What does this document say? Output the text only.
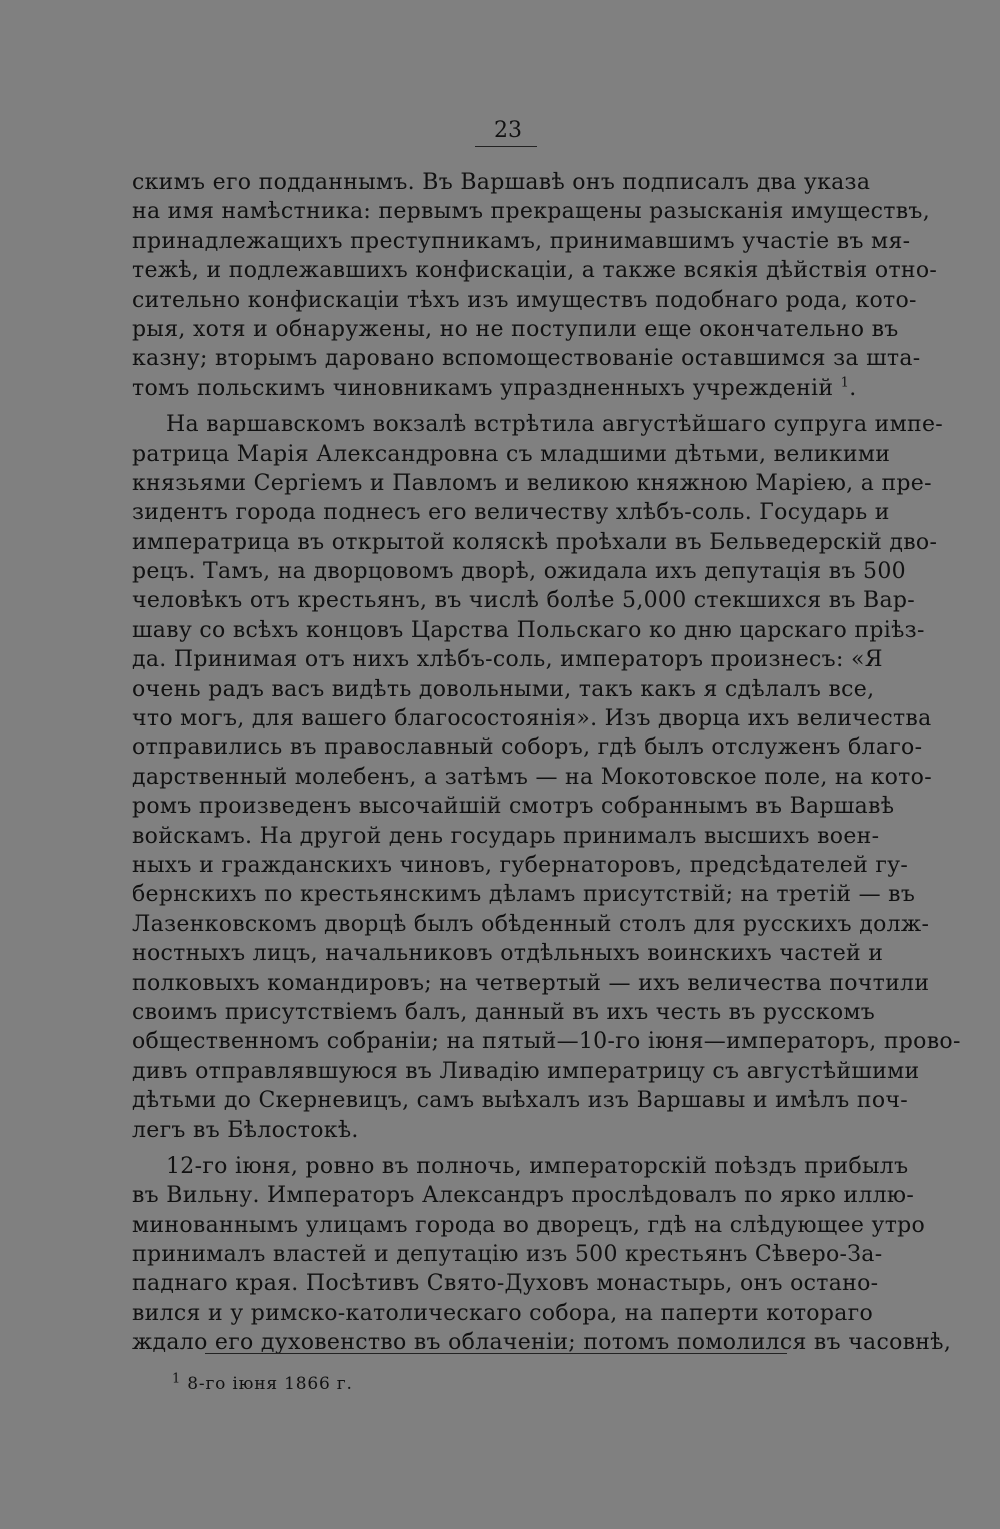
23
скимъ его подданнымъ. Въ Варшавѣ онъ подписалъ два указа
на имя намѣстника: первымъ прекращены разысканія имуществъ,
принадлежащихъ преступникамъ, принимавшимъ участіе въ мя-
тежѣ, и подлежавшихъ конфискаціи, а также всякія дѣйствія отно-
сительно конфискаціи тѣхъ изъ имуществъ подобнаго рода, кото-
рыя, хотя и обнаружены, но не поступили еще окончательно въ
казну; вторымъ даровано вспомоществованіе оставшимся за шта-
томъ польскимъ чиновникамъ упраздненныхъ учрежденій $^1$.
На варшавскомъ вокзалѣ встрѣтила августѣйшаго супруга импе-
ратрица Марія Александровна съ младшими дѣтьми, великими
князьями Сергіемъ и Павломъ и великою княжною Маріею, а пре-
зидентъ города поднесъ его величеству хлѣбъ-соль. Государь и
императрица въ открытой коляскѣ проѣхали въ Бельведерскій дво-
рецъ. Тамъ, на дворцовомъ дворѣ, ожидала ихъ депутація въ 500
человѣкъ отъ крестьянъ, въ числѣ болѣе 5,000 стекшихся въ Вар-
шаву со всѣхъ концовъ Царства Польскаго ко дню царскаго пріѣз-
да. Принимая отъ нихъ хлѣбъ-соль, императоръ произнесъ: «Я
очень радъ васъ видѣть довольными, такъ какъ я сдѣлалъ все,
что могъ, для вашего благосостоянія». Изъ дворца ихъ величества
отправились въ православный соборъ, гдѣ былъ отслуженъ благо-
дарственный молебенъ, а затѣмъ — на Мокотовское поле, на кото-
ромъ произведенъ высочайшій смотръ собраннымъ въ Варшавѣ
войскамъ. На другой день государь принималъ высшихъ воен-
ныхъ и гражданскихъ чиновъ, губернаторовъ, предсѣдателей гу-
бернскихъ по крестьянскимъ дѣламъ присутствій; на третій — въ
Лазенковскомъ дворцѣ былъ обѣденный столъ для русскихъ долж-
ностныхъ лицъ, начальниковъ отдѣльныхъ воинскихъ частей и
полковыхъ командировъ; на четвертый — ихъ величества почтили
своимъ присутствіемъ балъ, данный въ ихъ честь въ русскомъ
общественномъ собраніи; на пятый—10-го іюня—императоръ, прово-
дивъ отправлявшуюся въ Ливадію императрицу съ августѣйшими
дѣтьми до Скерневицъ, самъ выѣхалъ изъ Варшавы и имѣлъ поч-
легъ въ Бѣлостокѣ.
12-го іюня, ровно въ полночь, императорскій поѣздъ прибылъ
въ Вильну. Императоръ Александръ прослѣдовалъ по ярко иллю-
минованнымъ улицамъ города во дворецъ, гдѣ на слѣдующее утро
принималъ властей и депутацію изъ 500 крестьянъ Сѣверо-За-
паднаго края. Посѣтивъ Свято-Духовъ монастырь, онъ остано-
вился и у римско-католическаго собора, на паперти котораго
ждало его духовенство въ облаченіи; потомъ помолился въ часовнѣ,
$^1$ 8-го іюня 1866 г.
